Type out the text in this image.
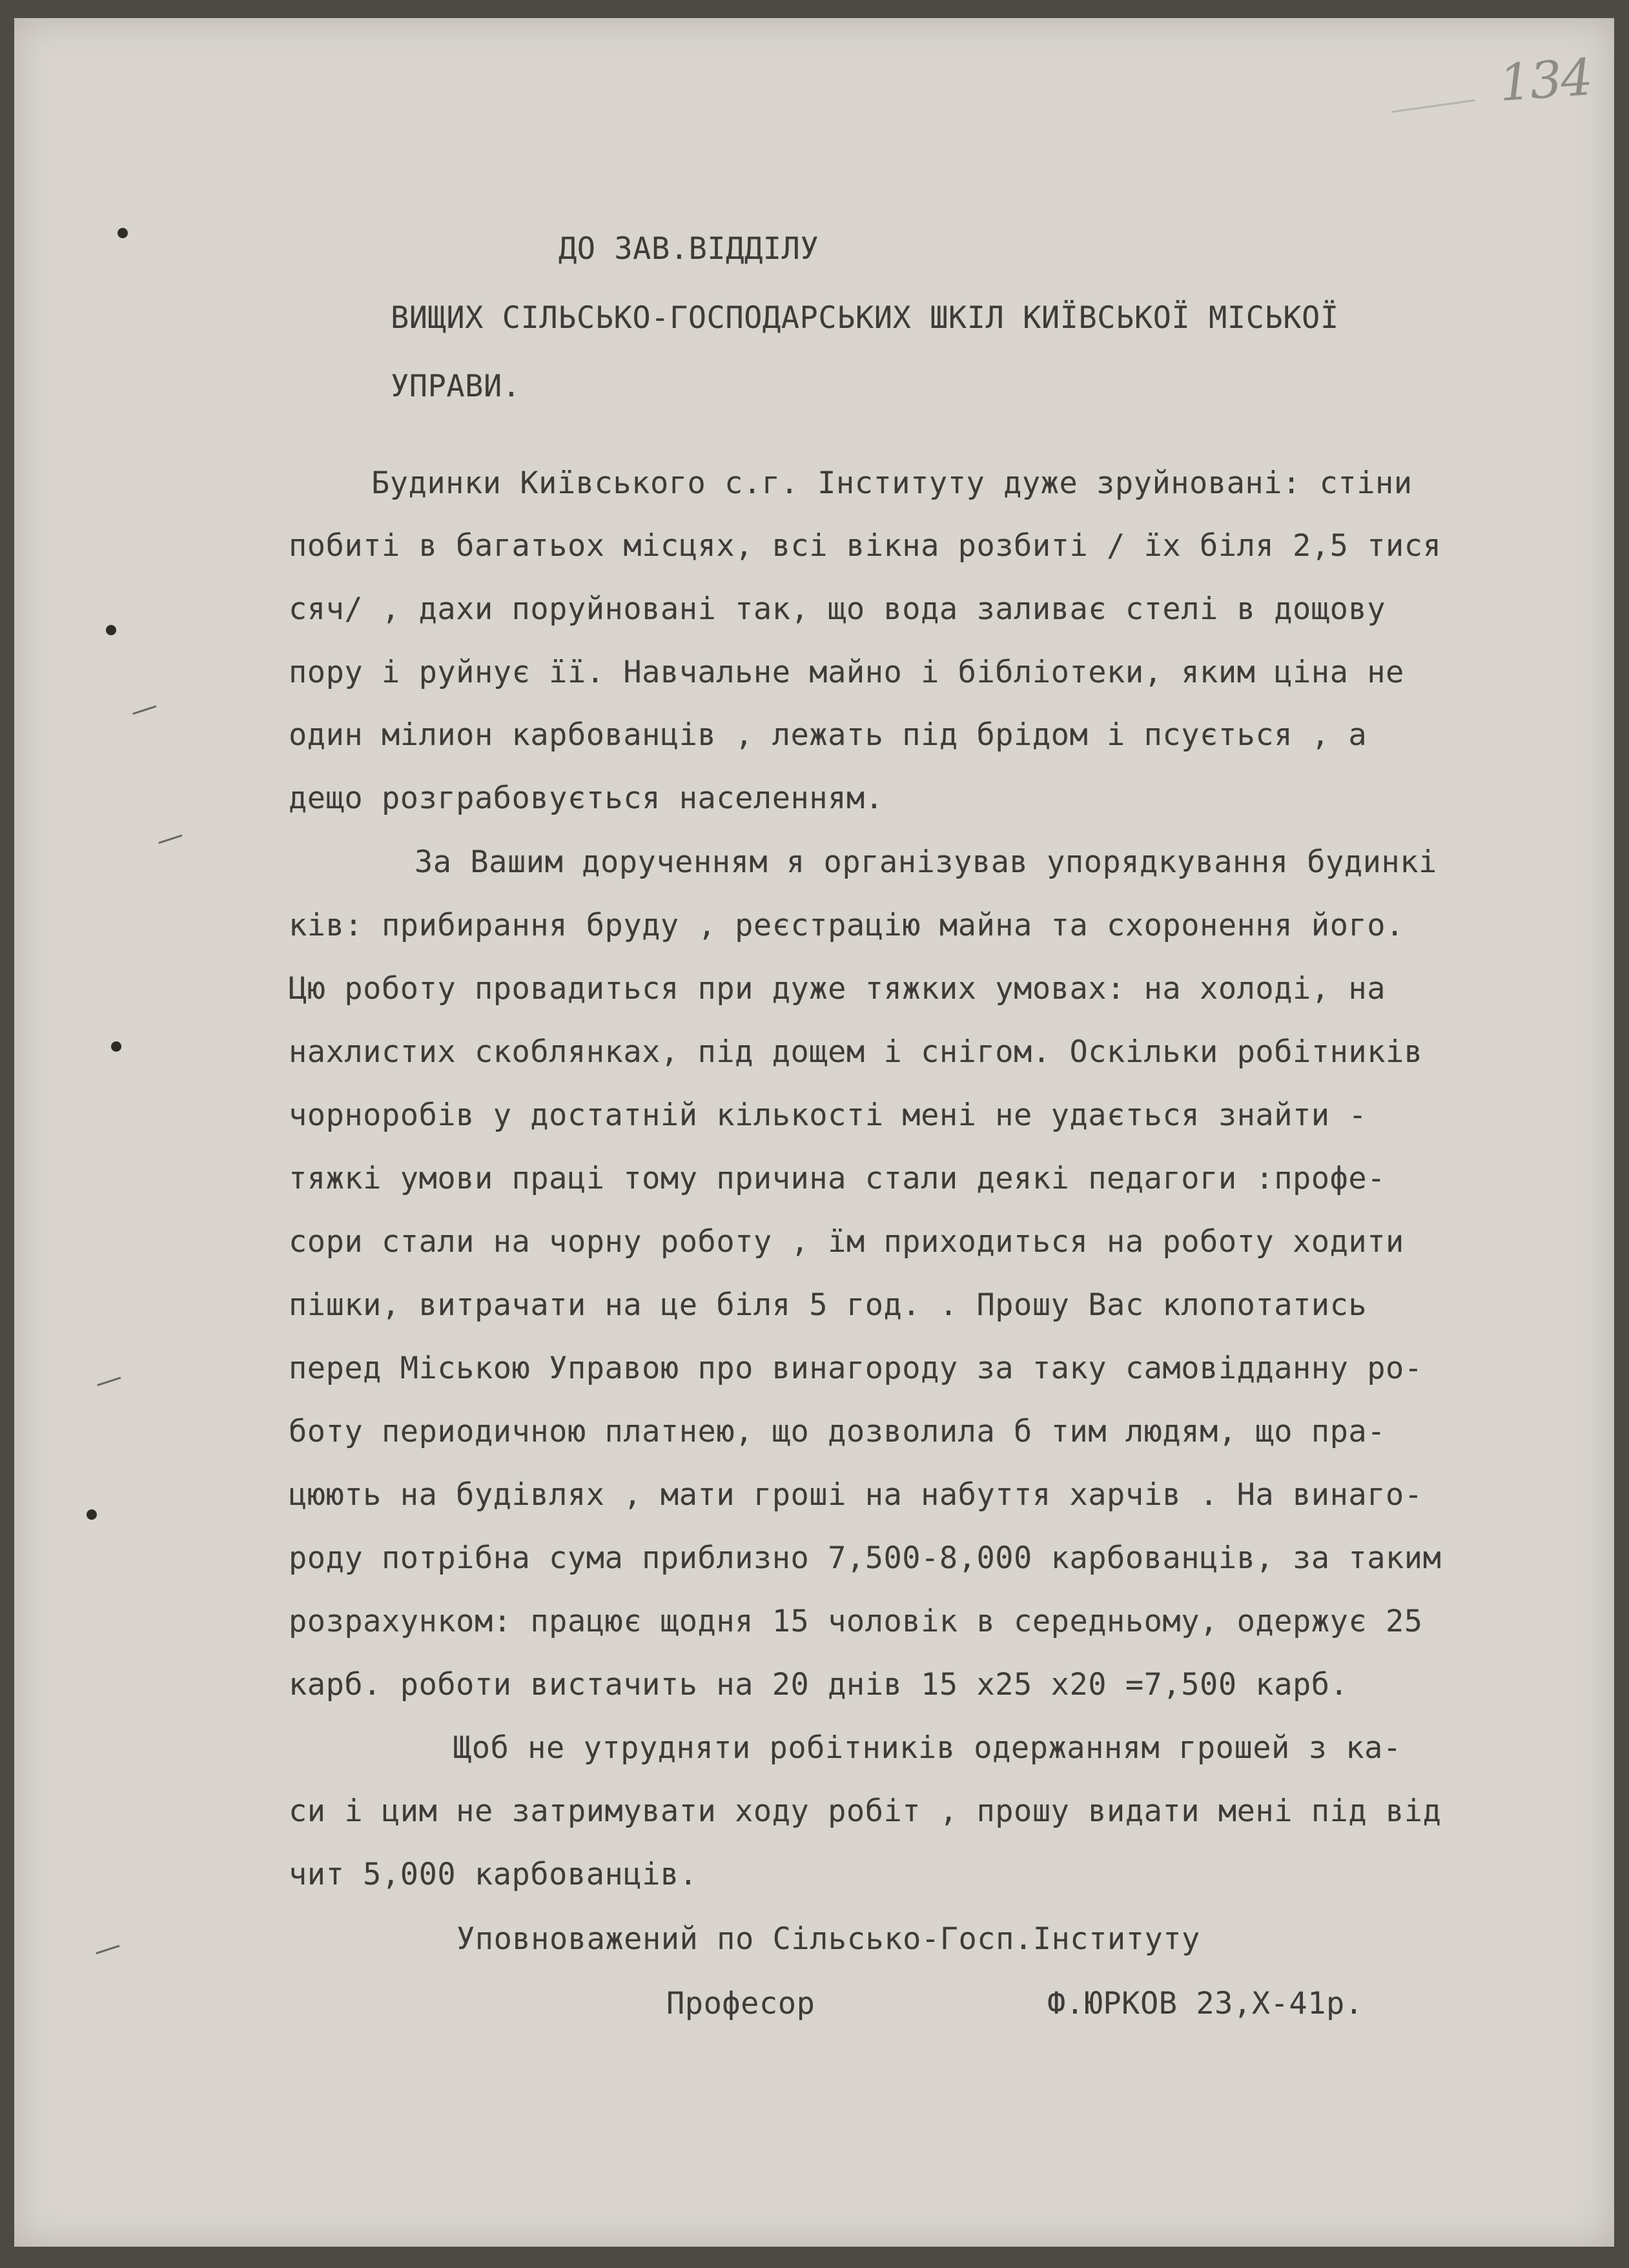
134
ДО ЗАВ.ВІДДІЛУ
ВИЩИХ СІЛЬСЬКО-ГОСПОДАРСЬКИХ ШКІЛ КИЇВСЬКОЇ МІСЬКОЇ
УПРАВИ.
Будинки Київського с.г. Інституту дуже зруйновані: стіни
побиті в багатьох місцях, всі вікна розбиті / їх біля 2,5 тися
сяч/ , дахи поруйновані так, що вода заливає стелі в дощову
пору і руйнує її. Навчальне майно і бібліотеки, яким ціна не
один мілион карбованців , лежать під брідом і псується , а
дещо розграбовується населенням.
За Вашим дорученням я організував упорядкування будинкі
ків: прибирання бруду , реєстрацію майна та схоронення його.
Цю роботу провадиться при дуже тяжких умовах: на холоді, на
нахлистих скоблянках, під дощем і снігом. Оскільки робітників
чорноробів у достатній кількості мені не удається знайти -
тяжкі умови праці тому причина стали деякі педагоги :профе-
сори стали на чорну роботу , їм приходиться на роботу ходити
пішки, витрачати на це біля 5 год. . Прошу Вас клопотатись
перед Міською Управою про винагороду за таку самовідданну ро-
боту периодичною платнею, що дозволила б тим людям, що пра-
цюють на будівлях , мати гроші на набуття харчів . На винаго-
роду потрібна сума приблизно 7,500-8,000 карбованців, за таким
розрахунком: працює щодня 15 чоловік в середньому, одержує 25
карб. роботи вистачить на 20 днів 15 х25 х20 =7,500 карб.
Щоб не утрудняти робітників одержанням грошей з ка-
си і цим не затримувати ходу робіт , прошу видати мені під від
чит 5,000 карбованців.
Уповноважений по Сільсько-Госп.Інституту
Професор	Ф.ЮРКОВ 23,Х-41р.
